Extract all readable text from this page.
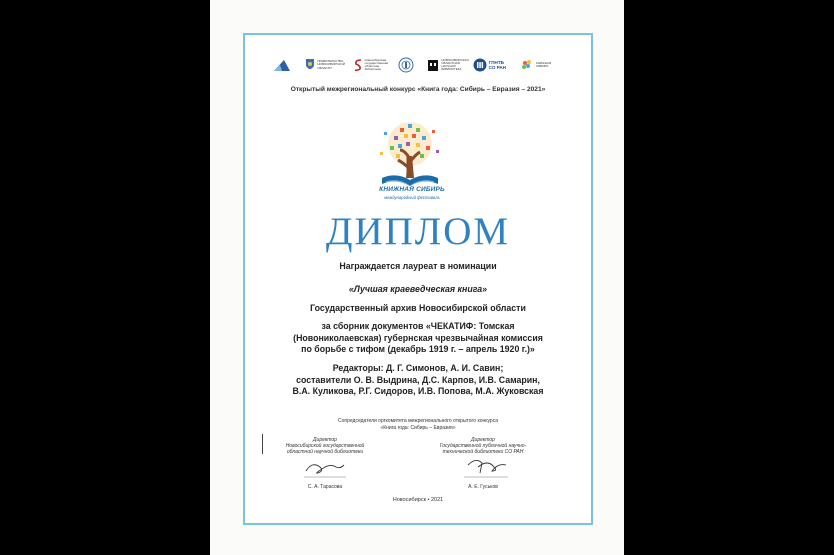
ПРАВИТЕЛЬСТВО НОВОСИБИРСКОЙ ОБЛАСТИ
Новосибирская государственная областная библиотека
НОВОСИБИРСКАЯ ОБЛАСТНАЯ НАУЧНАЯ БИБЛИОТЕКА
ГПНТБ СО РАН
КНИЖНАЯ СИБИРЬ
Открытый межрегиональный конкурс «Книга года: Сибирь – Евразия – 2021»
КНИЖНАЯ СИБИРЬ
международный фестиваль
ДИПЛОМ
Награждается лауреат в номинации
«Лучшая краеведческая книга»
Государственный архив Новосибирской области
за сборник документов «ЧЕКАТИФ: Томская
(Новониколаевская) губернская чрезвычайная комиссия
по борьбе с тифом (декабрь 1919 г. – апрель 1920 г.)»
Редакторы: Д. Г. Симонов, А. И. Савин;
составители О. В. Выдрина, Д.С. Карпов, И.В. Самарин,
В.А. Куликова, Р.Г. Сидоров, И.В. Попова, М.А. Жуковская
Сопредседатели оргкомитета межрегионального открытого конкурса
«Книга года: Сибирь – Евразия»
Директор
Новосибирской государственной
областной научной библиотеки
С. А. Тарасова
Директор
Государственной публичной научно-
технической библиотеки СО РАН
А. Е. Гуськов
Новосибирск • 2021
